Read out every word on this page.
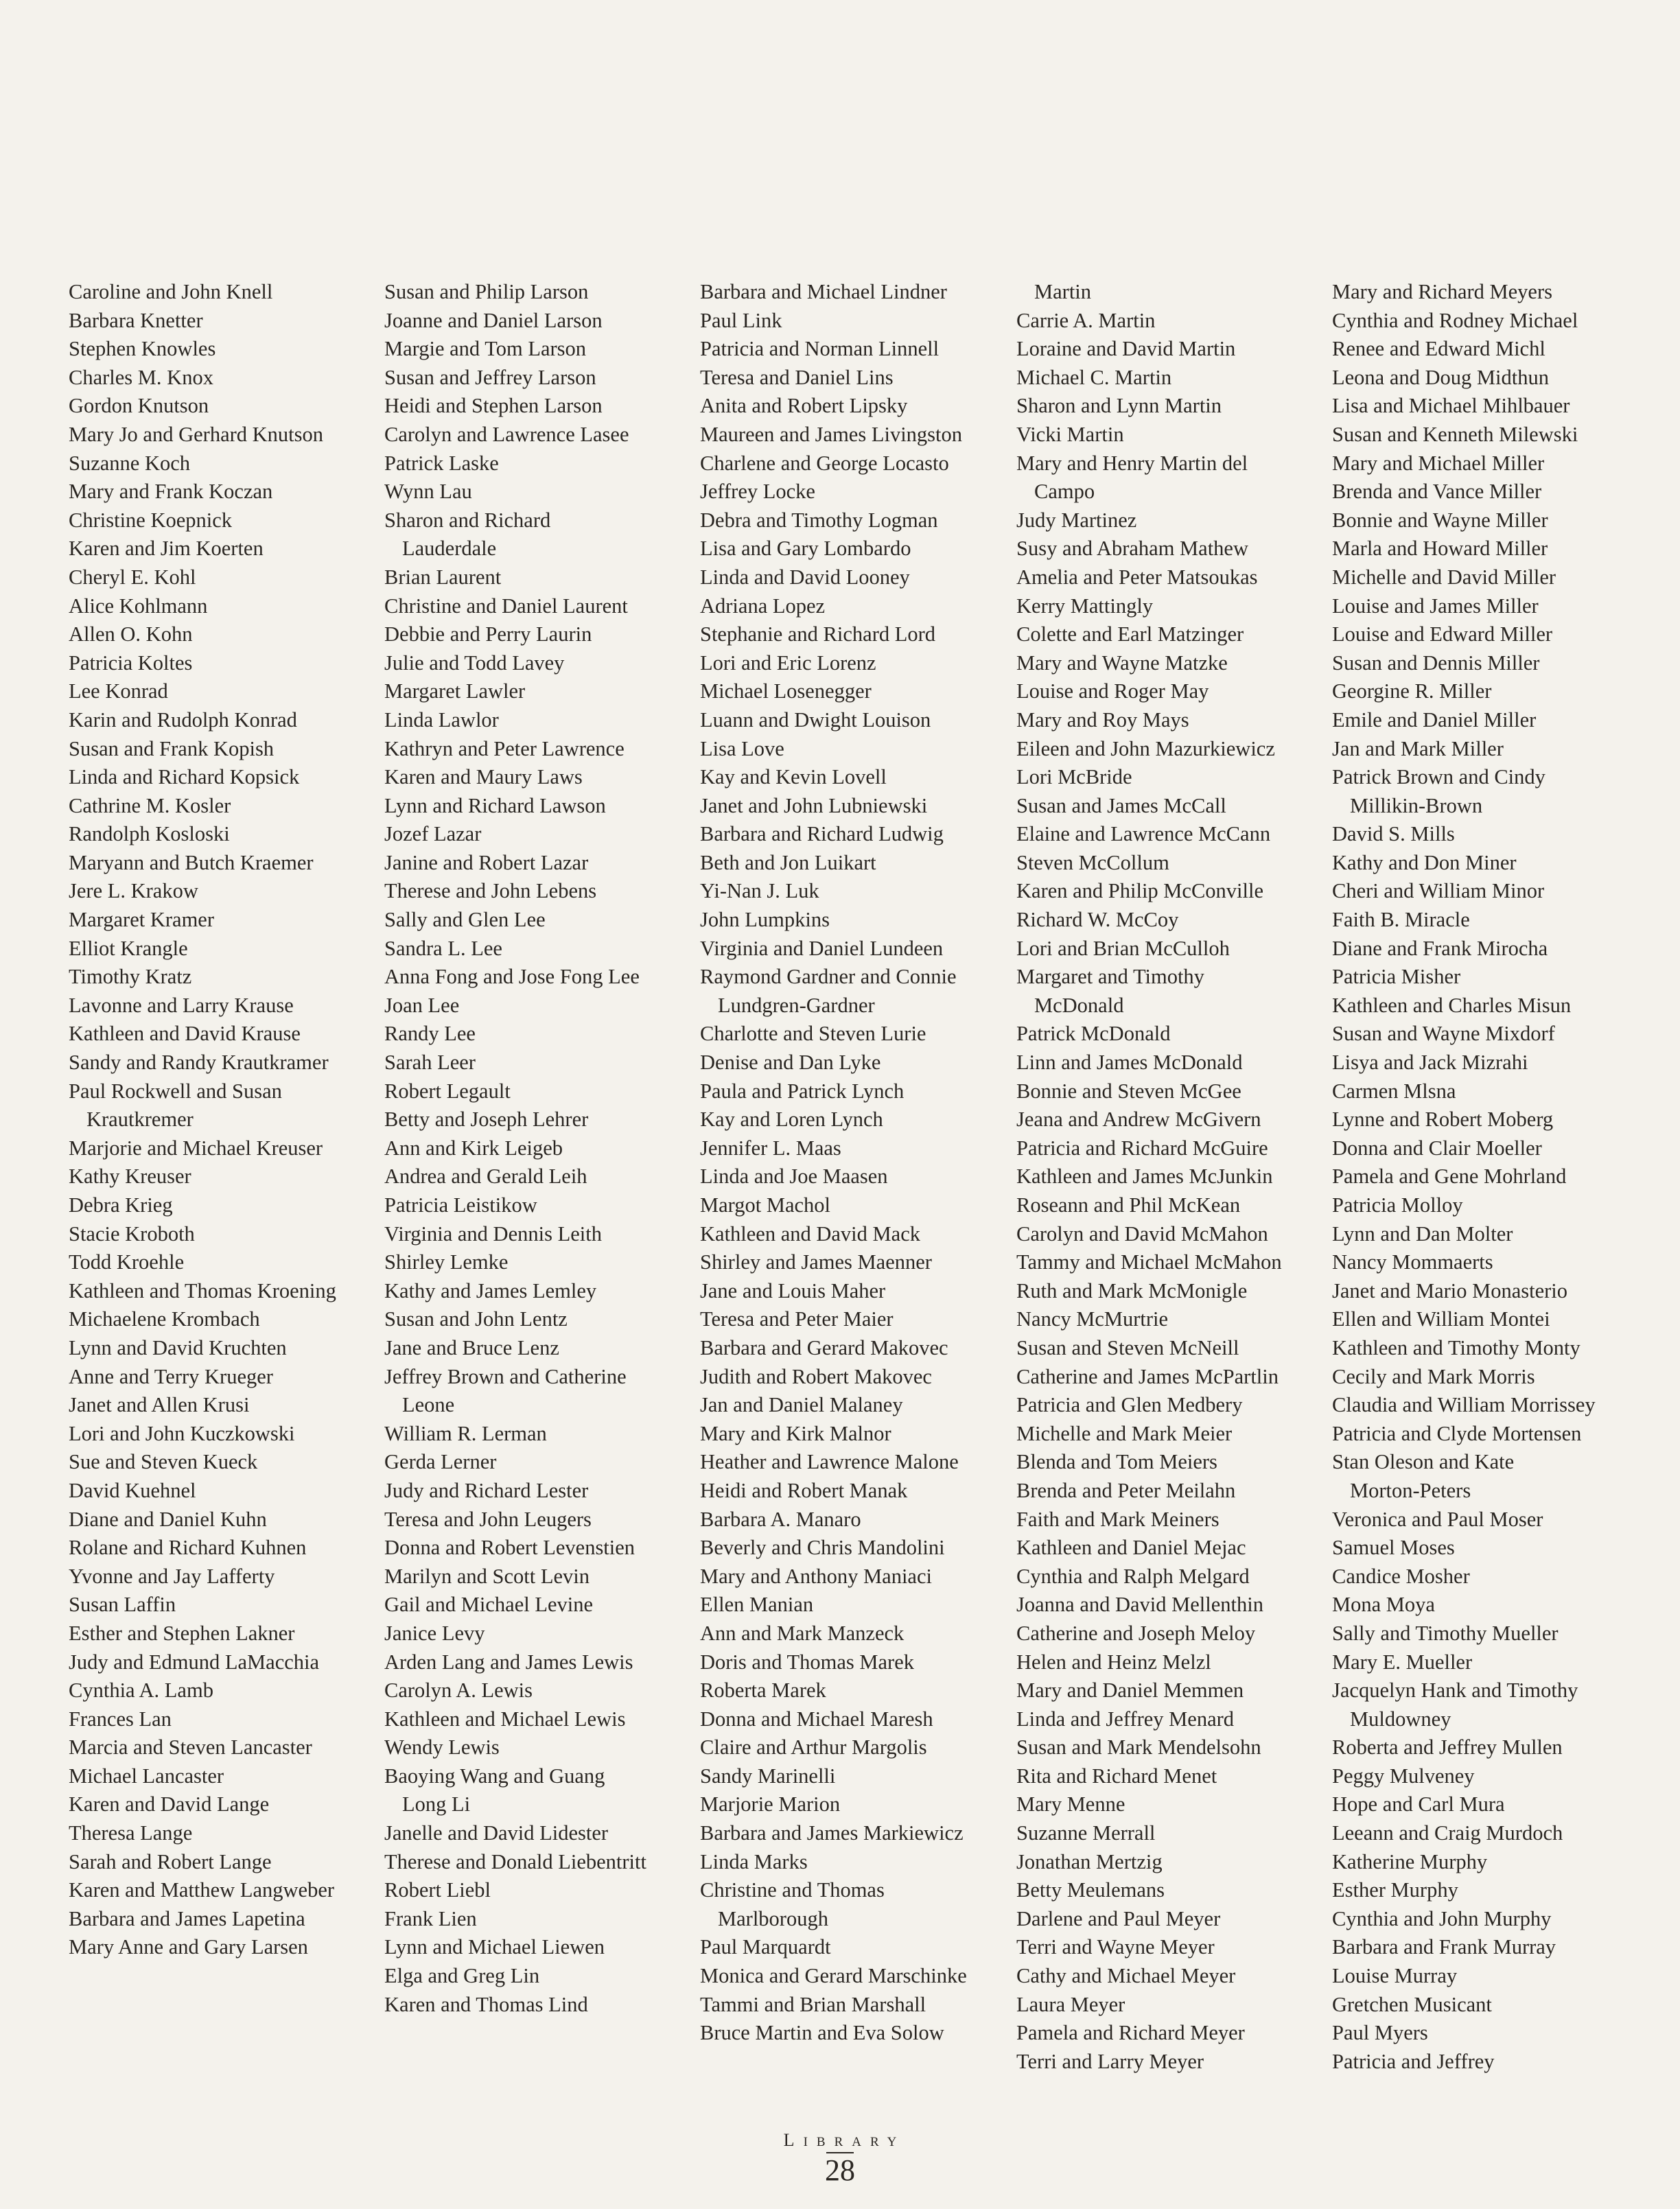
Caroline and John Knell
Barbara Knetter
Stephen Knowles
Charles M. Knox
Gordon Knutson
Mary Jo and Gerhard Knutson
Suzanne Koch
Mary and Frank Koczan
Christine Koepnick
Karen and Jim Koerten
Cheryl E. Kohl
Alice Kohlmann
Allen O. Kohn
Patricia Koltes
Lee Konrad
Karin and Rudolph Konrad
Susan and Frank Kopish
Linda and Richard Kopsick
Cathrine M. Kosler
Randolph Kosloski
Maryann and Butch Kraemer
Jere L. Krakow
Margaret Kramer
Elliot Krangle
Timothy Kratz
Lavonne and Larry Krause
Kathleen and David Krause
Sandy and Randy Krautkramer
Paul Rockwell and Susan
Krautkremer
Marjorie and Michael Kreuser
Kathy Kreuser
Debra Krieg
Stacie Kroboth
Todd Kroehle
Kathleen and Thomas Kroening
Michaelene Krombach
Lynn and David Kruchten
Anne and Terry Krueger
Janet and Allen Krusi
Lori and John Kuczkowski
Sue and Steven Kueck
David Kuehnel
Diane and Daniel Kuhn
Rolane and Richard Kuhnen
Yvonne and Jay Lafferty
Susan Laffin
Esther and Stephen Lakner
Judy and Edmund LaMacchia
Cynthia A. Lamb
Frances Lan
Marcia and Steven Lancaster
Michael Lancaster
Karen and David Lange
Theresa Lange
Sarah and Robert Lange
Karen and Matthew Langweber
Barbara and James Lapetina
Mary Anne and Gary Larsen
Susan and Philip Larson
Joanne and Daniel Larson
Margie and Tom Larson
Susan and Jeffrey Larson
Heidi and Stephen Larson
Carolyn and Lawrence Lasee
Patrick Laske
Wynn Lau
Sharon and Richard
Lauderdale
Brian Laurent
Christine and Daniel Laurent
Debbie and Perry Laurin
Julie and Todd Lavey
Margaret Lawler
Linda Lawlor
Kathryn and Peter Lawrence
Karen and Maury Laws
Lynn and Richard Lawson
Jozef Lazar
Janine and Robert Lazar
Therese and John Lebens
Sally and Glen Lee
Sandra L. Lee
Anna Fong and Jose Fong Lee
Joan Lee
Randy Lee
Sarah Leer
Robert Legault
Betty and Joseph Lehrer
Ann and Kirk Leigeb
Andrea and Gerald Leih
Patricia Leistikow
Virginia and Dennis Leith
Shirley Lemke
Kathy and James Lemley
Susan and John Lentz
Jane and Bruce Lenz
Jeffrey Brown and Catherine
Leone
William R. Lerman
Gerda Lerner
Judy and Richard Lester
Teresa and John Leugers
Donna and Robert Levenstien
Marilyn and Scott Levin
Gail and Michael Levine
Janice Levy
Arden Lang and James Lewis
Carolyn A. Lewis
Kathleen and Michael Lewis
Wendy Lewis
Baoying Wang and Guang
Long Li
Janelle and David Lidester
Therese and Donald Liebentritt
Robert Liebl
Frank Lien
Lynn and Michael Liewen
Elga and Greg Lin
Karen and Thomas Lind
Barbara and Michael Lindner
Paul Link
Patricia and Norman Linnell
Teresa and Daniel Lins
Anita and Robert Lipsky
Maureen and James Livingston
Charlene and George Locasto
Jeffrey Locke
Debra and Timothy Logman
Lisa and Gary Lombardo
Linda and David Looney
Adriana Lopez
Stephanie and Richard Lord
Lori and Eric Lorenz
Michael Losenegger
Luann and Dwight Louison
Lisa Love
Kay and Kevin Lovell
Janet and John Lubniewski
Barbara and Richard Ludwig
Beth and Jon Luikart
Yi-Nan J. Luk
John Lumpkins
Virginia and Daniel Lundeen
Raymond Gardner and Connie
Lundgren-Gardner
Charlotte and Steven Lurie
Denise and Dan Lyke
Paula and Patrick Lynch
Kay and Loren Lynch
Jennifer L. Maas
Linda and Joe Maasen
Margot Machol
Kathleen and David Mack
Shirley and James Maenner
Jane and Louis Maher
Teresa and Peter Maier
Barbara and Gerard Makovec
Judith and Robert Makovec
Jan and Daniel Malaney
Mary and Kirk Malnor
Heather and Lawrence Malone
Heidi and Robert Manak
Barbara A. Manaro
Beverly and Chris Mandolini
Mary and Anthony Maniaci
Ellen Manian
Ann and Mark Manzeck
Doris and Thomas Marek
Roberta Marek
Donna and Michael Maresh
Claire and Arthur Margolis
Sandy Marinelli
Marjorie Marion
Barbara and James Markiewicz
Linda Marks
Christine and Thomas
Marlborough
Paul Marquardt
Monica and Gerard Marschinke
Tammi and Brian Marshall
Bruce Martin and Eva Solow
Martin
Carrie A. Martin
Loraine and David Martin
Michael C. Martin
Sharon and Lynn Martin
Vicki Martin
Mary and Henry Martin del
Campo
Judy Martinez
Susy and Abraham Mathew
Amelia and Peter Matsoukas
Kerry Mattingly
Colette and Earl Matzinger
Mary and Wayne Matzke
Louise and Roger May
Mary and Roy Mays
Eileen and John Mazurkiewicz
Lori McBride
Susan and James McCall
Elaine and Lawrence McCann
Steven McCollum
Karen and Philip McConville
Richard W. McCoy
Lori and Brian McCulloh
Margaret and Timothy
McDonald
Patrick McDonald
Linn and James McDonald
Bonnie and Steven McGee
Jeana and Andrew McGivern
Patricia and Richard McGuire
Kathleen and James McJunkin
Roseann and Phil McKean
Carolyn and David McMahon
Tammy and Michael McMahon
Ruth and Mark McMonigle
Nancy McMurtrie
Susan and Steven McNeill
Catherine and James McPartlin
Patricia and Glen Medbery
Michelle and Mark Meier
Blenda and Tom Meiers
Brenda and Peter Meilahn
Faith and Mark Meiners
Kathleen and Daniel Mejac
Cynthia and Ralph Melgard
Joanna and David Mellenthin
Catherine and Joseph Meloy
Helen and Heinz Melzl
Mary and Daniel Memmen
Linda and Jeffrey Menard
Susan and Mark Mendelsohn
Rita and Richard Menet
Mary Menne
Suzanne Merrall
Jonathan Mertzig
Betty Meulemans
Darlene and Paul Meyer
Terri and Wayne Meyer
Cathy and Michael Meyer
Laura Meyer
Pamela and Richard Meyer
Terri and Larry Meyer
Mary and Richard Meyers
Cynthia and Rodney Michael
Renee and Edward Michl
Leona and Doug Midthun
Lisa and Michael Mihlbauer
Susan and Kenneth Milewski
Mary and Michael Miller
Brenda and Vance Miller
Bonnie and Wayne Miller
Marla and Howard Miller
Michelle and David Miller
Louise and James Miller
Louise and Edward Miller
Susan and Dennis Miller
Georgine R. Miller
Emile and Daniel Miller
Jan and Mark Miller
Patrick Brown and Cindy
Millikin-Brown
David S. Mills
Kathy and Don Miner
Cheri and William Minor
Faith B. Miracle
Diane and Frank Mirocha
Patricia Misher
Kathleen and Charles Misun
Susan and Wayne Mixdorf
Lisya and Jack Mizrahi
Carmen Mlsna
Lynne and Robert Moberg
Donna and Clair Moeller
Pamela and Gene Mohrland
Patricia Molloy
Lynn and Dan Molter
Nancy Mommaerts
Janet and Mario Monasterio
Ellen and William Montei
Kathleen and Timothy Monty
Cecily and Mark Morris
Claudia and William Morrissey
Patricia and Clyde Mortensen
Stan Oleson and Kate
Morton-Peters
Veronica and Paul Moser
Samuel Moses
Candice Mosher
Mona Moya
Sally and Timothy Mueller
Mary E. Mueller
Jacquelyn Hank and Timothy
Muldowney
Roberta and Jeffrey Mullen
Peggy Mulveney
Hope and Carl Mura
Leeann and Craig Murdoch
Katherine Murphy
Esther Murphy
Cynthia and John Murphy
Barbara and Frank Murray
Louise Murray
Gretchen Musicant
Paul Myers
Patricia and Jeffrey
LIBRARY
28
